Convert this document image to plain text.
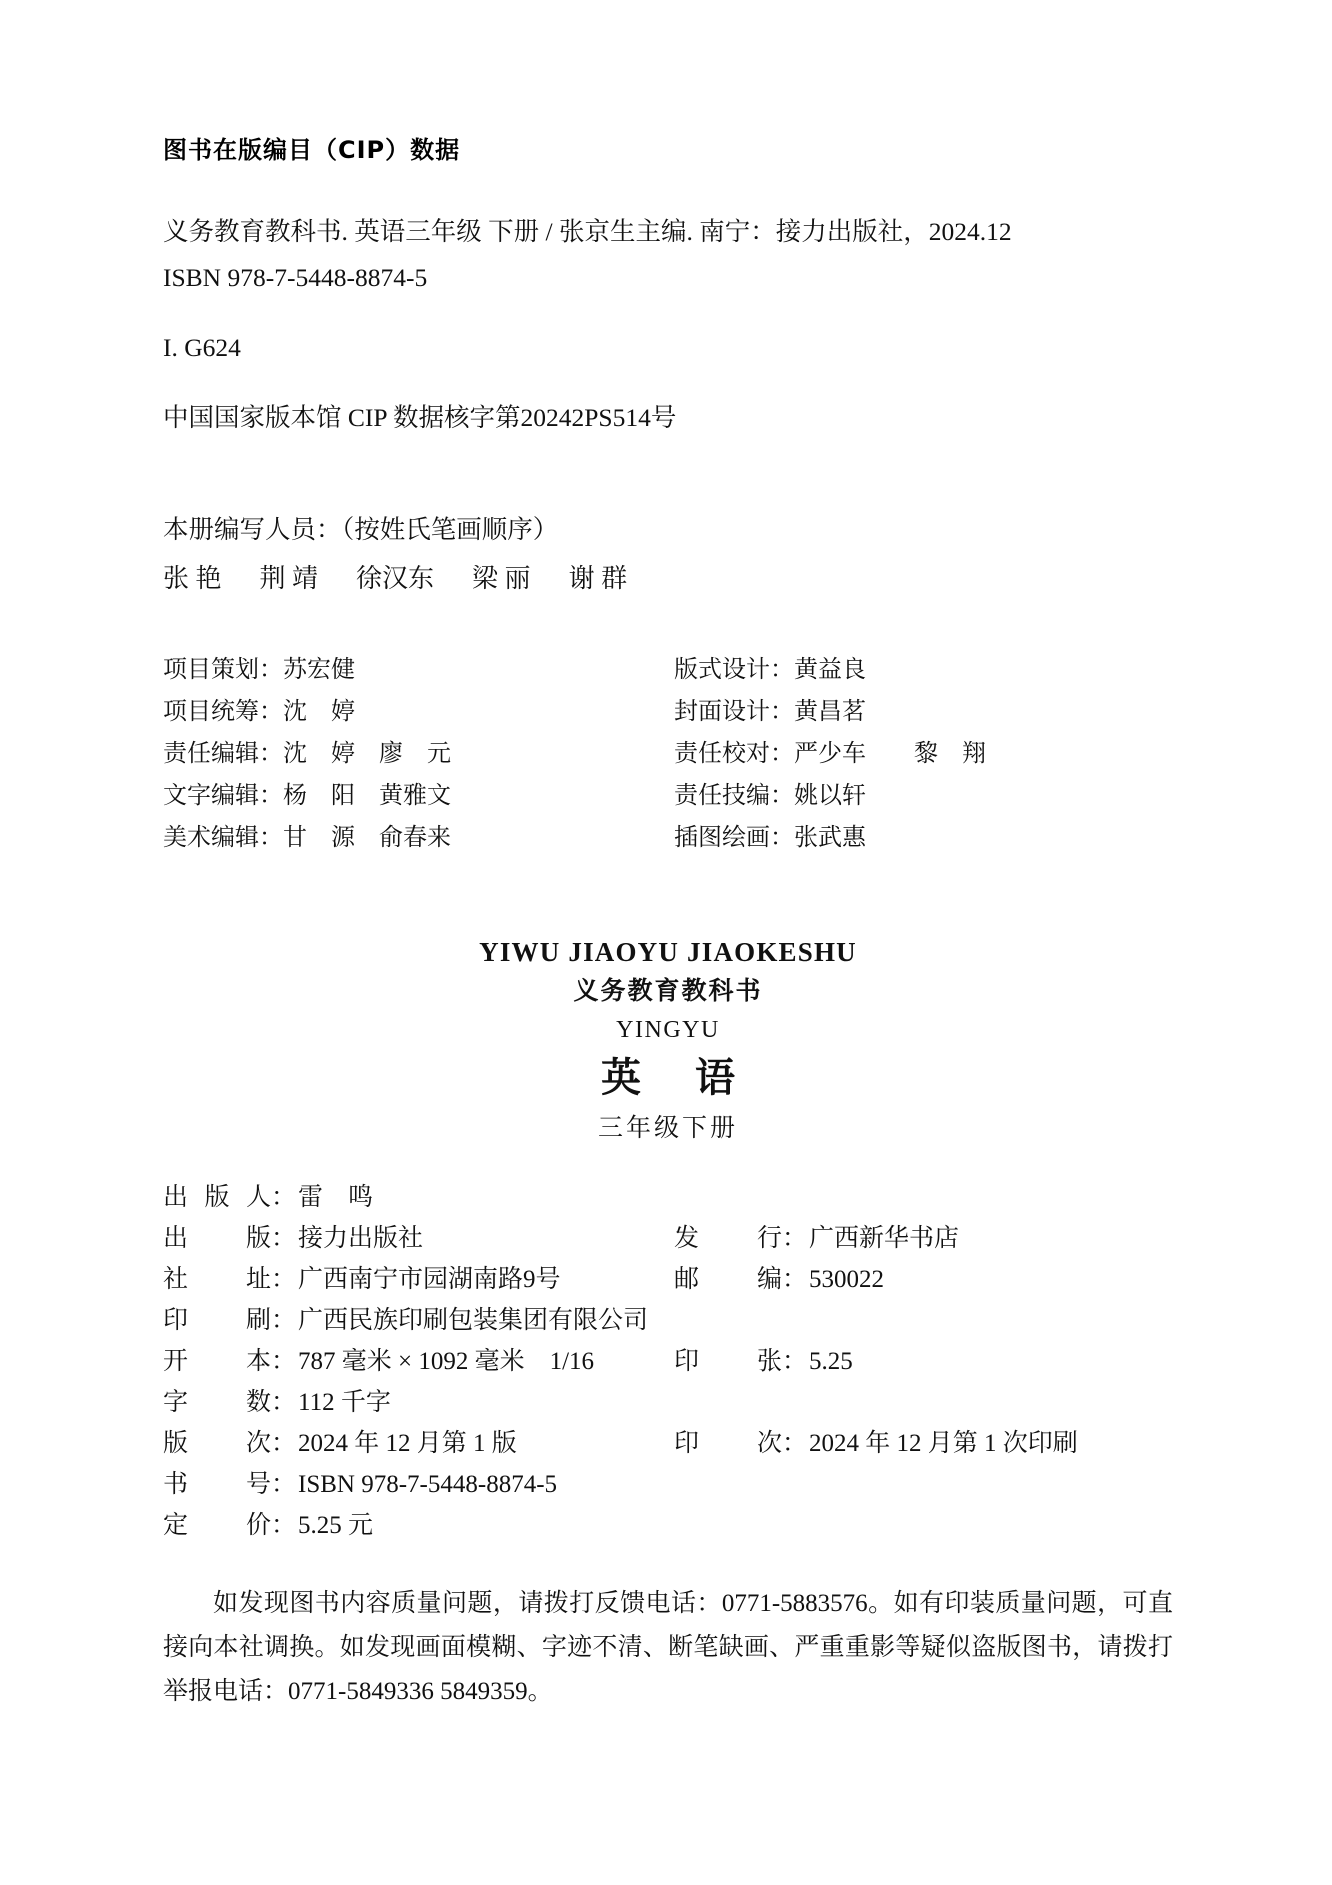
图书在版编目（CIP）数据
义务教育教科书. 英语三年级 下册 / 张京生主编. 南宁：接力出版社，2024.12
ISBN 978-7-5448-8874-5
I. G624
中国国家版本馆 CIP 数据核字第20242PS514号
本册编写人员：（按姓氏笔画顺序）
张 艳 荆 靖 徐汉东 梁 丽 谢 群
项目策划：苏宏健	版式设计：黄益良
项目统筹：沈　婷	封面设计：黄昌茗
责任编辑：沈　婷　廖　元	责任校对：严少车　　黎　翔
文字编辑：杨　阳　黄雅文	责任技编：姚以轩
美术编辑：甘　源　俞春来	插图绘画：张武惠
YIWU JIAOYU JIAOKESHU
义务教育教科书
YINGYU
英 语
三年级下册
出 版 人 ： 雷　鸣
出版 ： 接力出版社	发行 ： 广西新华书店
社址 ： 广西南宁市园湖南路9号	邮编 ： 530022
印刷 ： 广西民族印刷包装集团有限公司
开本 ： 787 毫米 × 1092 毫米　1/16	印张 ： 5.25
字数 ： 112 千字
版次 ： 2024 年 12 月第 1 版	印次 ： 2024 年 12 月第 1 次印刷
书号 ： ISBN 978-7-5448-8874-5
定价 ： 5.25 元
如发现图书内容质量问题，请拨打反馈电话：0771-5883576。如有印装质量问题，可直接向本社调换。如发现画面模糊、字迹不清、断笔缺画、严重重影等疑似盗版图书，请拨打举报电话：0771-5849336 5849359。
